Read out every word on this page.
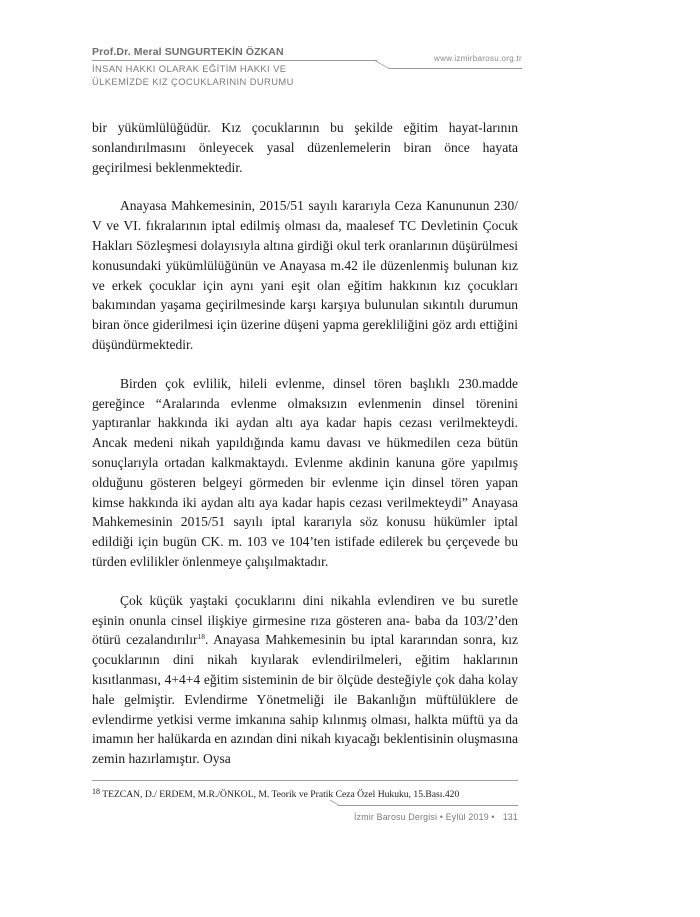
Prof.Dr. Meral SUNGURTEKİN ÖZKAN
www.izmirbarosu.org.tr
İNSAN HAKKI OLARAK EĞİTİM HAKKI VE
ÜLKEMİZDE KIZ ÇOCUKLARININ DURUMU

bir yükümlülüğüdür. Kız çocuklarının bu şekilde eğitim hayat-larının sonlandırılmasını önleyecek yasal düzenlemelerin biran önce hayata geçirilmesi beklenmektedir.

Anayasa Mahkemesinin, 2015/51 sayılı kararıyla Ceza Kanununun 230/ V ve VI. fıkralarının iptal edilmiş olması da, maalesef TC Devletinin Çocuk Hakları Sözleşmesi dolayısıyla altına girdiği okul terk oranlarının düşürülmesi konusundaki yükümlülüğünün ve Anayasa m.42 ile düzenlenmiş bulunan kız ve erkek çocuklar için aynı yani eşit olan eğitim hakkının kız çocukları bakımından yaşama geçirilmesinde karşı karşıya bulunulan sıkıntılı durumun biran önce giderilmesi için üzerine düşeni yapma gerekliliğini göz ardı ettiğini düşündürmektedir.

Birden çok evlilik, hileli evlenme, dinsel tören başlıklı 230.madde gereğince “Aralarında evlenme olmaksızın evlenmenin dinsel törenini yaptıranlar hakkında iki aydan altı aya kadar hapis cezası verilmekteydi. Ancak medeni nikah yapıldığında kamu davası ve hükmedilen ceza bütün sonuçlarıyla ortadan kalkmaktaydı. Evlenme akdinin kanuna göre yapılmış olduğunu gösteren belgeyi görmeden bir evlenme için dinsel tören yapan kimse hakkında iki aydan altı aya kadar hapis cezası verilmekteydi” Anayasa Mahkemesinin 2015/51 sayılı iptal kararıyla söz konusu hükümler iptal edildiği için bugün CK. m. 103 ve 104’ten istifade edilerek bu çerçevede bu türden evlilikler önlenmeye çalışılmaktadır.

Çok küçük yaştaki çocuklarını dini nikahla evlendiren ve bu suretle eşinin onunla cinsel ilişkiye girmesine rıza gösteren ana- baba da 103/2’den ötürü cezalandırılır$^{18}$. Anayasa Mahkemesinin bu iptal kararından sonra, kız çocuklarının dini nikah kıyılarak evlendirilmeleri, eğitim haklarının kısıtlanması, 4+4+4 eğitim sisteminin de bir ölçüde desteğiyle çok daha kolay hale gelmiştir. Evlendirme Yönetmeliği ile Bakanlığın müftülüklere de evlendirme yetkisi verme imkanına sahip kılınmış olması, halkta müftü ya da imamın her halükarda en azından dini nikah kıyacağı beklentisinin oluşmasına zemin hazırlamıştır. Oysa

$^{18}$ TEZCAN, D./ ERDEM, M.R./ÖNKOL, M. Teorik ve Pratik Ceza Özel Hukuku, 15.Bası.420
İzmir Barosu Dergisi • Eylül 2019 • 131
